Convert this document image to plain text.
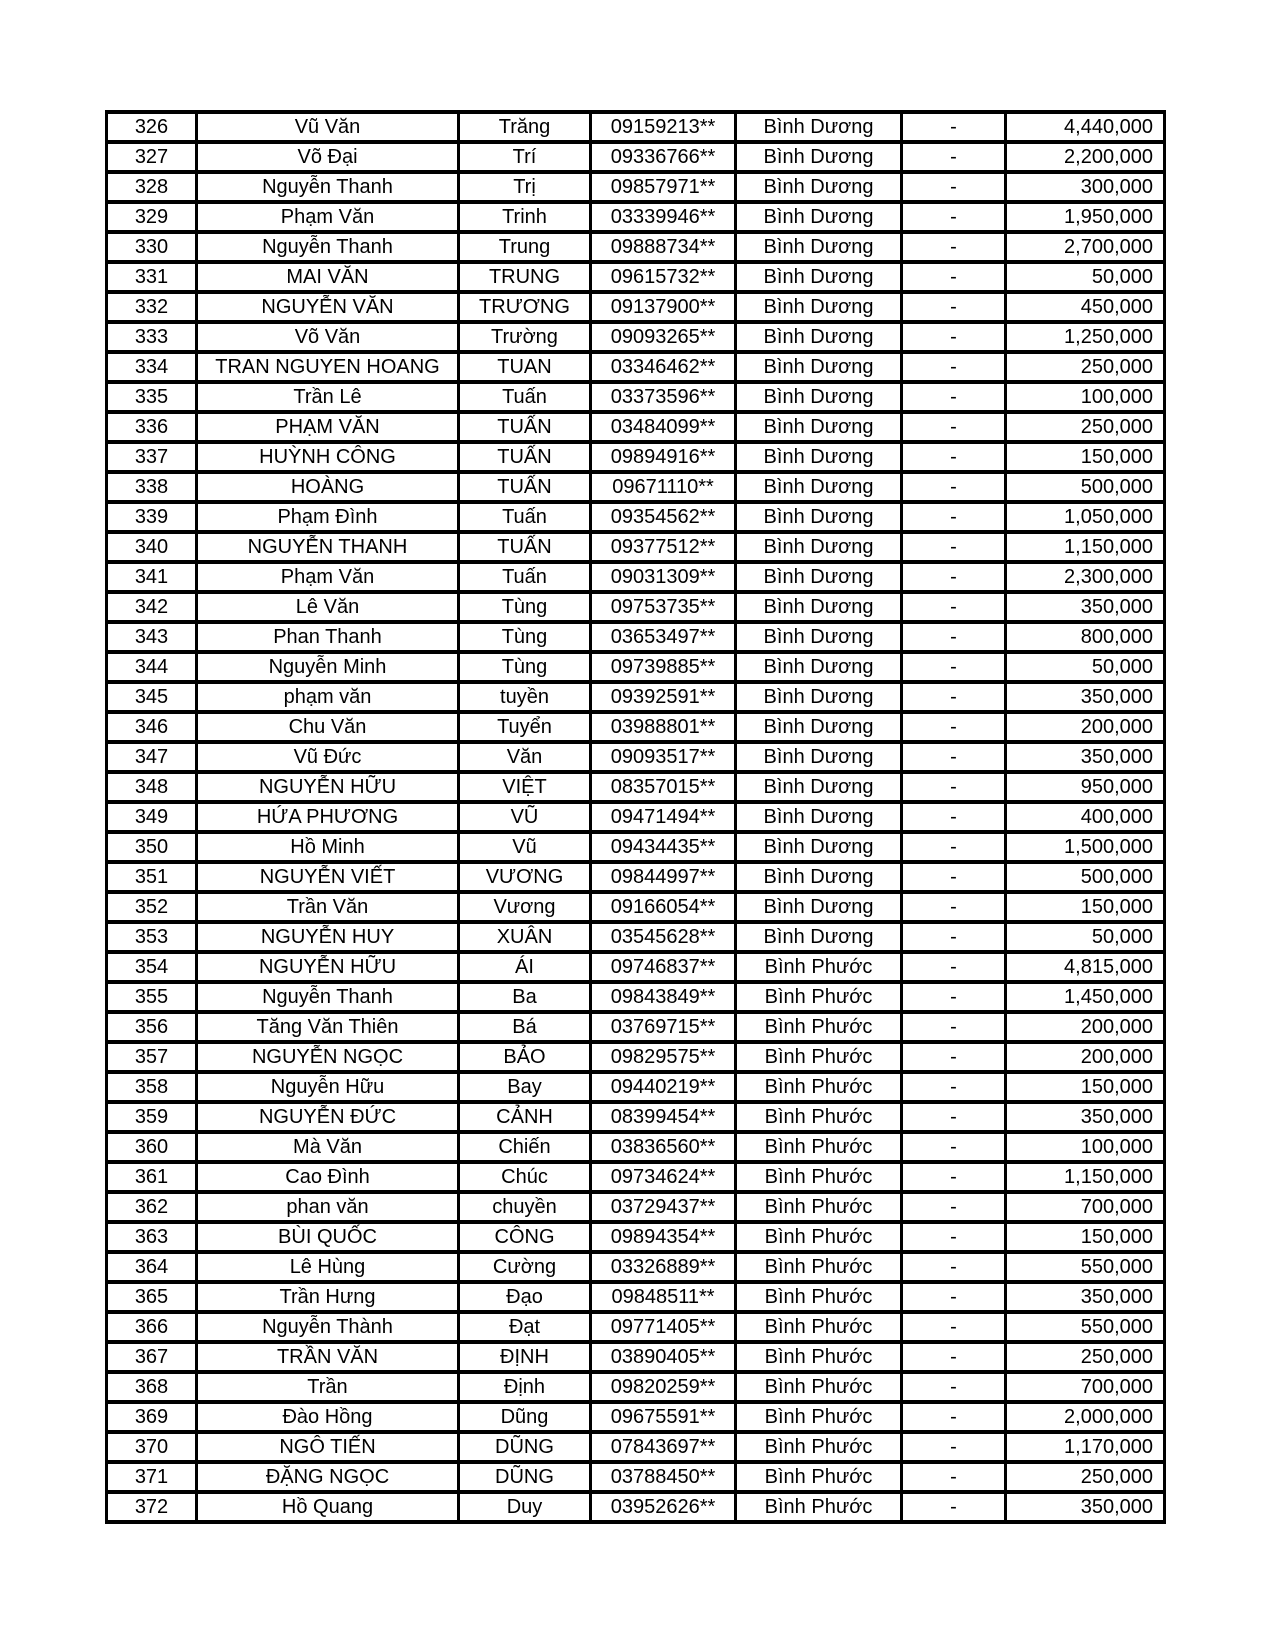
326	Vũ Văn	Trăng	09159213**	Bình Dương	-	4,440,000
327	Võ Đại	Trí	09336766**	Bình Dương	-	2,200,000
328	Nguyễn Thanh	Trị	09857971**	Bình Dương	-	300,000
329	Phạm Văn	Trinh	03339946**	Bình Dương	-	1,950,000
330	Nguyễn Thanh	Trung	09888734**	Bình Dương	-	2,700,000
331	MAI VĂN	TRUNG	09615732**	Bình Dương	-	50,000
332	NGUYỄN VĂN	TRƯƠNG	09137900**	Bình Dương	-	450,000
333	Võ Văn	Trường	09093265**	Bình Dương	-	1,250,000
334	TRAN NGUYEN HOANG	TUAN	03346462**	Bình Dương	-	250,000
335	Trần Lê	Tuấn	03373596**	Bình Dương	-	100,000
336	PHẠM VĂN	TUẤN	03484099**	Bình Dương	-	250,000
337	HUỲNH CÔNG	TUẤN	09894916**	Bình Dương	-	150,000
338	HOÀNG	TUẤN	09671110**	Bình Dương	-	500,000
339	Phạm Đình	Tuấn	09354562**	Bình Dương	-	1,050,000
340	NGUYỄN THANH	TUẤN	09377512**	Bình Dương	-	1,150,000
341	Phạm Văn	Tuấn	09031309**	Bình Dương	-	2,300,000
342	Lê Văn	Tùng	09753735**	Bình Dương	-	350,000
343	Phan Thanh	Tùng	03653497**	Bình Dương	-	800,000
344	Nguyễn Minh	Tùng	09739885**	Bình Dương	-	50,000
345	phạm văn	tuyền	09392591**	Bình Dương	-	350,000
346	Chu Văn	Tuyển	03988801**	Bình Dương	-	200,000
347	Vũ Đức	Văn	09093517**	Bình Dương	-	350,000
348	NGUYỄN HỮU	VIỆT	08357015**	Bình Dương	-	950,000
349	HỨA PHƯƠNG	VŨ	09471494**	Bình Dương	-	400,000
350	Hồ Minh	Vũ	09434435**	Bình Dương	-	1,500,000
351	NGUYỄN VIẾT	VƯƠNG	09844997**	Bình Dương	-	500,000
352	Trần Văn	Vương	09166054**	Bình Dương	-	150,000
353	NGUYỄN HUY	XUÂN	03545628**	Bình Dương	-	50,000
354	NGUYỄN HỮU	ÁI	09746837**	Bình Phước	-	4,815,000
355	Nguyễn Thanh	Ba	09843849**	Bình Phước	-	1,450,000
356	Tăng Văn Thiên	Bá	03769715**	Bình Phước	-	200,000
357	NGUYỄN NGỌC	BẢO	09829575**	Bình Phước	-	200,000
358	Nguyễn Hữu	Bay	09440219**	Bình Phước	-	150,000
359	NGUYỄN ĐỨC	CẢNH	08399454**	Bình Phước	-	350,000
360	Mà Văn	Chiến	03836560**	Bình Phước	-	100,000
361	Cao Đình	Chúc	09734624**	Bình Phước	-	1,150,000
362	phan văn	chuyền	03729437**	Bình Phước	-	700,000
363	BÙI QUỐC	CÔNG	09894354**	Bình Phước	-	150,000
364	Lê Hùng	Cường	03326889**	Bình Phước	-	550,000
365	Trần Hưng	Đạo	09848511**	Bình Phước	-	350,000
366	Nguyễn Thành	Đạt	09771405**	Bình Phước	-	550,000
367	TRẦN VĂN	ĐỊNH	03890405**	Bình Phước	-	250,000
368	Trần	Định	09820259**	Bình Phước	-	700,000
369	Đào Hồng	Dũng	09675591**	Bình Phước	-	2,000,000
370	NGÔ TIẾN	DŨNG	07843697**	Bình Phước	-	1,170,000
371	ĐẶNG NGỌC	DŨNG	03788450**	Bình Phước	-	250,000
372	Hồ Quang	Duy	03952626**	Bình Phước	-	350,000
